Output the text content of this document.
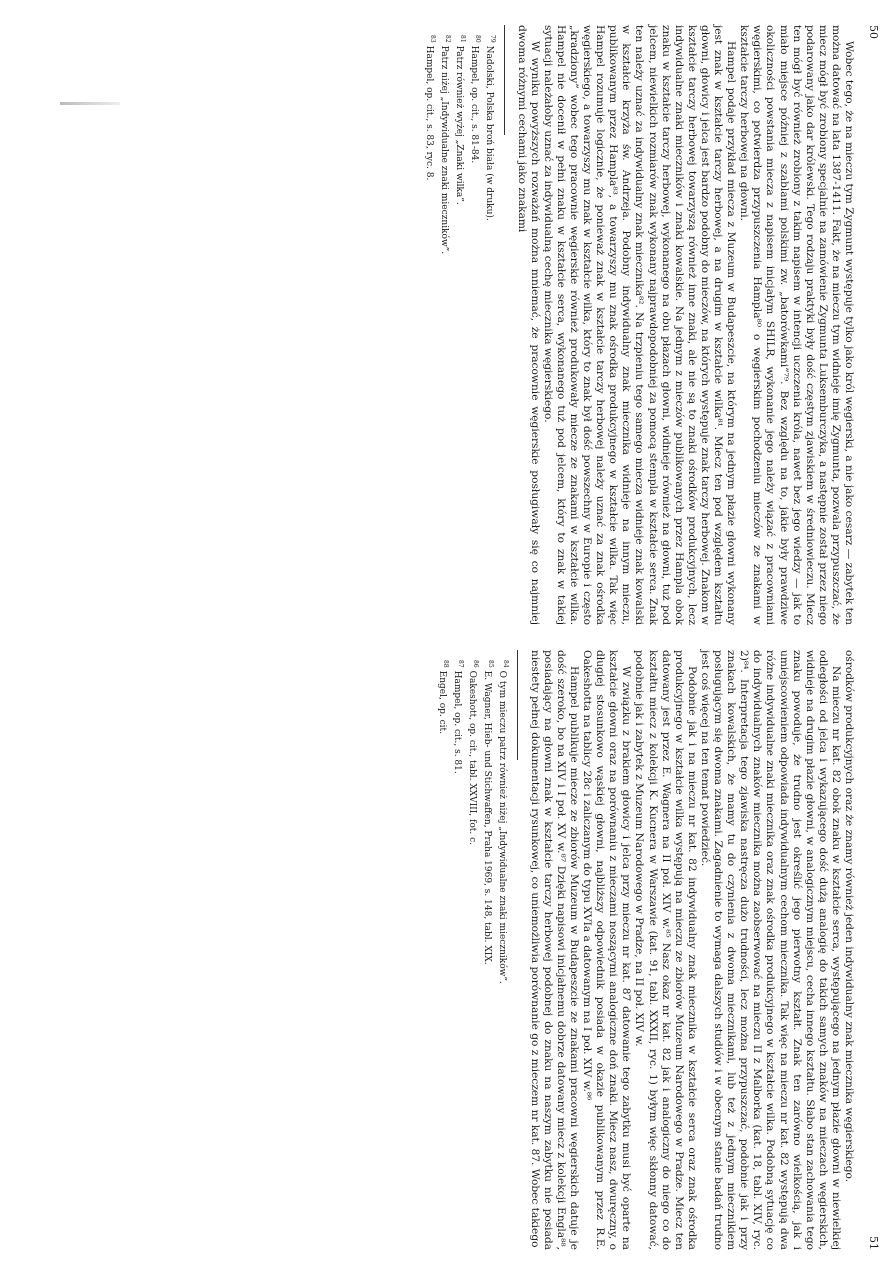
50

Wobec tego, że na mieczu tym Zygmunt występuje tylko jako król węgierski, a nie jako cesarz — zabytek ten można datować na lata 1387-1411. Fakt, że na mieczu tym widnieje imię Zygmunta, pozwala przypuszczać, że miecz mógł być zrobiony specjalnie na zamówienie Zygmunta Luksemburczyka, a następnie został przez niego podarowany jako dar królewski. Tego rodzaju praktyki były dość częstym zjawiskiem w średniowieczu. Miecz ten mógł być również zrobiony z takim napisem w intencji uczczenia króla, nawet bez jego wiedzy — jak to miało miejsce później z szablami polskimi zw. „batorówkami”⁷⁹. Bez względu na to, jakie były prawdziwe okoliczności powstania miecza z napisem inicjałym SHILR, wykonanie jego należy wiązać z pracowniami węgierskimi, co potwierdza przypuszczenia Hampla⁸⁰ o węgierskim pochodzeniu mieczów ze znakami w kształcie tarczy herbowej na głowni.

Hampel podaje przykład miecza z Muzeum w Budapeszcie, na którym na jednym płazie głowni wykonany jest znak w kształcie tarczy herbowej, a na drugim w kształcie wilka⁸¹. Miecz ten pod względem kształtu głowni, głowicy i jelca jest bardzo podobny do mieczów, na których występuje znak tarczy herbowej. Znakom w kształcie tarczy herbowej towarzyszą również inne znaki, ale nie są to znaki ośrodków produkcyjnych, lecz indywidualne znaki mieczników i znaki kowalskie. Na jednym z mieczów publikowanych przez Hampla obok znaku w kształcie tarczy herbowej, wykonanego na obu płazach głowni, widnieje również na głowni, tuż pod jelcem, niewielkich rozmiarów znak wykonany najprawdopodobniej za pomocą stempla w kształcie serca. Znak ten należy uznać za indywidualny znak miecznika⁸². Na trzpieniu tego samego miecza widnieje znak kowalski w kształcie krzyża św. Andrzeja. Podobny indywidualny znak miecznika widnieje na innym mieczu, publikowanym przez Hampla⁸³, a towarzyszy mu znak ośrodka produkcyjnego w kształcie wilka. Tak więc Hampel rozumuje logicznie, że ponieważ znak w kształcie tarczy herbowej należy uznać za znak ośrodka węgierskiego, a towarzyszy mu znak w kształcie wilka, który to znak był dość powszechny w Europie i często „kradziony” wobec tego pracownie węgierskie również produkowały miecze ze znakami w kształcie wilka. Hampel nie docenił w pełni znaku w kształcie serca, wykonanego tuż pod jelcem, który to znak w takiej sytuacji należałoby uznać za indywidualną cechę miecznika węgierskiego.

W wyniku powyższych rozważań można mniemać, że pracownie węgierskie posługiwały się co najmniej dwoma różnymi cechami jako znakami

$^{79}$Nadolski, Polska broń biała (w druku).

$^{80}$Hampel, op. cit., s. 81-84.

$^{81}$Patrz również wyżej „Znaki wilka”.

$^{82}$Patrz niżej „Indywidualne znaki mieczników”.

$^{83}$Hampel, op. cit., s. 83, ryc. 8.

51

ośrodków produkcyjnych oraz że znamy również jeden indywidualny znak miecznika węgierskiego.

Na mieczu nr kat. 82 obok znaku w kształcie serca, występującego na jednym płazie głowni w niewielkiej odległości od jelca i wykazującego dość dużą analogię do takich samych znaków na mieczach węgierskich, widnieje na drugim płazie głowni, w analogicznym miejscu, cecha innego kształtu. Słabo stan zachowania tego znaku powoduje, że trudno jest określić jego pierwotny kształt. Znak ten zarówno wielkością, jak i umiejscowieniem odpowiada indywidualnym cechom miecznika. Tak więc na mieczu nr kat. 82 występują dwa różne indywidualne znaki miecznika oraz znak ośrodka produkcyjnego w kształcie wilka. Podobną sytuację co do indywidualnych znaków miecznika można zaobserwować na mieczu II z Malborka (kat. 18, tabl. XIV, ryc. 2)⁸⁴. Interpretacja tego zjawiska nastręcza dużo trudności, lecz można przypuszczać, podobnie jak i przy znakach kowalskich, że mamy tu do czynienia z dwoma miecznikami, lub też z jednym miecznikiem posługującym się dwoma znakami. Zagadnienie to wymaga dalszych studiów i w obecnym stanie badań trudno jest coś więcej na ten temat powiedzieć.

Podobnie jak i na mieczu nr kat. 82 indywidualny znak miecznika w kształcie serca oraz znak ośrodka produkcyjnego w kształcie wilka występują na mieczu ze zbiorów Muzeum Narodowego w Pradze. Miecz ten datowany jest przez E. Wagnera na II poł. XIV w.⁸⁵ Nasz okaz nr kat. 82 jak i analogiczny do niego co do kształtu miecz z kolekcji K. Kucnera w Warszawie (kat. 91, tabl. XXXII, ryc. 1) byłym więc skłonny datować, podobnie jak i zabytek z Muzeum Narodowego w Pradze, na II poł. XIV w.

W związku z brakiem głowicy i jelca przy mieczu nr kat. 87 datowanie tego zabytku musi być oparte na kształcie głowni oraz na porównaniu z mieczami noszącymi analogiczne doń znaki. Miecz nasz, dwuręczny, o długiej stosunkowo wąskiej głowni, najbliższy odpowiednik posiada w okazie publikowanym przez R.E. Oakeshotta na tablicy 28c i zaliczanym do typu XVIa a datowanym na I poł. XIV w.⁸⁶

Hampel publikuje miecze ze zbiorów Muzeum w Budapeszcie ze znakami pracowni węgierskich datuje je dość szeroko, bo na XIV i I poł. XV w.⁸⁷ Dzięki napisowi inicjałnemu dobrze datowany miecz z kolekcji Engla⁸⁸, posiadający na głowni znak w kształcie tarczy herbowej podobnej do znaku na naszym zabytku nie posiada niestety pełnej dokumentacji rysunkowej, co uniemożliwia porównanie go z mieczem nr kat. 87. Wobec takiego

$^{84}$O tym mieczu patrz również niżej „Indywidualne znaki mieczników”.

$^{85}$E. Wagner, Hieb- und Stichwaffen, Praha 1969, s. 148, tabl. XIX.

$^{86}$Oakeshott, op. cit., tabl. XXVIII, fot. c.

$^{87}$Hampel, op. cit., s. 81.

$^{88}$Engel, op. cit.
